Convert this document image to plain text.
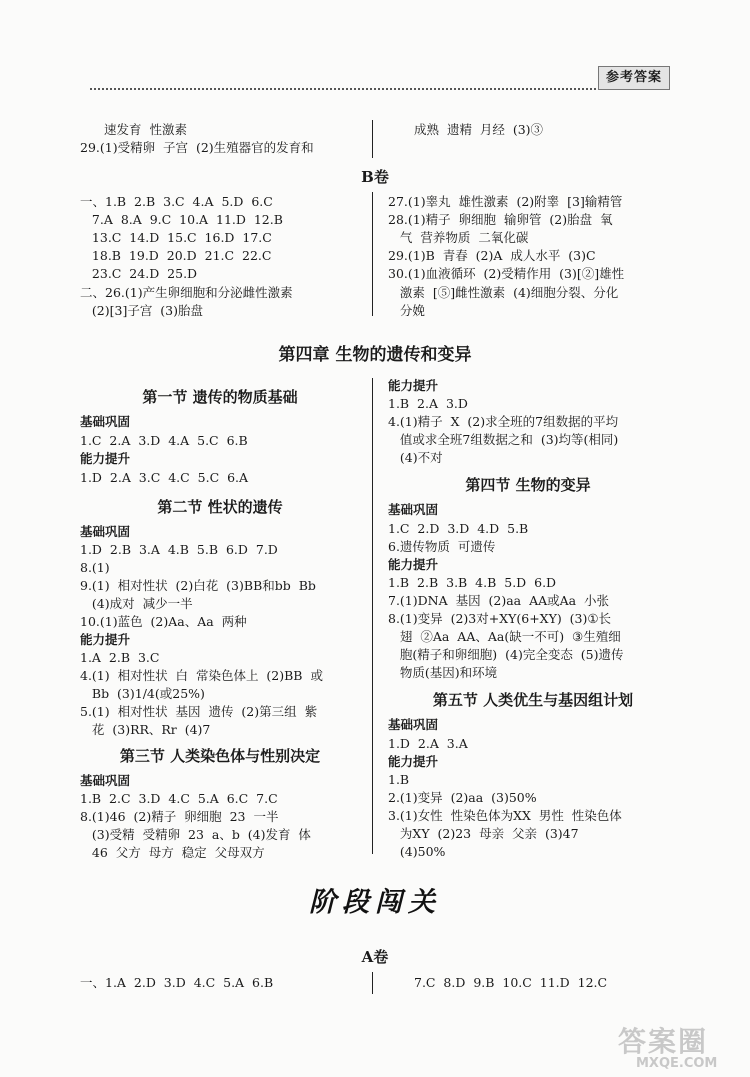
参考答案
速发育  性激素
29.(1)受精卵  子宫  (2)生殖器官的发育和
成熟  遗精  月经  (3)③
B卷
一、1.B  2.B  3.C  4.A  5.D  6.C
7.A  8.A  9.C  10.A  11.D  12.B
13.C  14.D  15.C  16.D  17.C
18.B  19.D  20.D  21.C  22.C
23.C  24.D  25.D
二、26.(1)产生卵细胞和分泌雌性激素
(2)[3]子宫  (3)胎盘
27.(1)睾丸  雄性激素  (2)附睾  [3]输精管
28.(1)精子  卵细胞  输卵管  (2)胎盘  氧
气  营养物质  二氧化碳
29.(1)B  青春  (2)A  成人水平  (3)C
30.(1)血液循环  (2)受精作用  (3)[②]雄性
激素  [⑤]雌性激素  (4)细胞分裂、分化
分娩
第四章 生物的遗传和变异
第一节 遗传的物质基础
基础巩固
1.C  2.A  3.D  4.A  5.C  6.B
能力提升
1.D  2.A  3.C  4.C  5.C  6.A
第二节 性状的遗传
基础巩固
1.D  2.B  3.A  4.B  5.B  6.D  7.D
8.(1)
9.(1)  相对性状  (2)白花  (3)BB和bb  Bb
(4)成对  减少一半
10.(1)蓝色  (2)Aa、Aa  两种
能力提升
1.A  2.B  3.C
4.(1)  相对性状  白  常染色体上  (2)BB  或
Bb  (3)1/4(或25%)
5.(1)  相对性状  基因  遗传  (2)第三组  紫
花  (3)RR、Rr  (4)7
第三节 人类染色体与性别决定
基础巩固
1.B  2.C  3.D  4.C  5.A  6.C  7.C
8.(1)46  (2)精子  卵细胞  23  一半
(3)受精  受精卵  23  a、b  (4)发育  体
46  父方  母方  稳定  父母双方
能力提升
1.B  2.A  3.D
4.(1)精子  X  (2)求全班的7组数据的平均
值或求全班7组数据之和  (3)均等(相同)
(4)不对
第四节 生物的变异
基础巩固
1.C  2.D  3.D  4.D  5.B
6.遗传物质  可遗传
能力提升
1.B  2.B  3.B  4.B  5.D  6.D
7.(1)DNA  基因  (2)aa  AA或Aa  小张
8.(1)变异  (2)3对+XY(6+XY)  (3)①长
翅  ②Aa  AA、Aa(缺一不可)  ③生殖细
胞(精子和卵细胞)  (4)完全变态  (5)遗传
物质(基因)和环境
第五节 人类优生与基因组计划
基础巩固
1.D  2.A  3.A
能力提升
1.B
2.(1)变异  (2)aa  (3)50%
3.(1)女性  性染色体为XX  男性  性染色体
为XY  (2)23  母亲  父亲  (3)47
(4)50%
阶段闯关
A卷
一、1.A  2.D  3.D  4.C  5.A  6.B	7.C  8.D  9.B  10.C  11.D  12.C
答案圈
MXQE.COM
